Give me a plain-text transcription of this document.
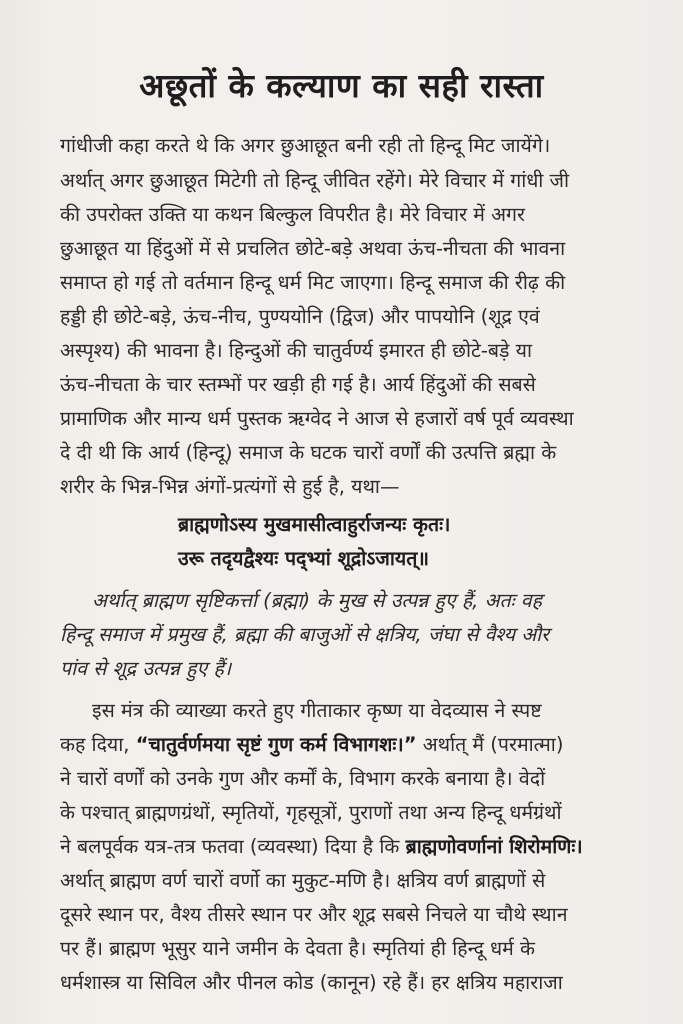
अछूतों के कल्याण का सही रास्ता
गांधीजी कहा करते थे कि अगर छुआछूत बनी रही तो हिन्दू मिट जायेंगे।
अर्थात् अगर छुआछूत मिटेगी तो हिन्दू जीवित रहेंगे। मेरे विचार में गांधी जी
की उपरोक्त उक्ति या कथन बिल्कुल विपरीत है। मेरे विचार में अगर
छुआछूत या हिंदुओं में से प्रचलित छोटे-बड़े अथवा ऊंच-नीचता की भावना
समाप्त हो गई तो वर्तमान हिन्दू धर्म मिट जाएगा। हिन्दू समाज की रीढ़ की
हड्डी ही छोटे-बड़े, ऊंच-नीच, पुण्ययोनि (द्विज) और पापयोनि (शूद्र एवं
अस्पृश्य) की भावना है। हिन्दुओं की चातुर्वर्ण्य इमारत ही छोटे-बड़े या
ऊंच-नीचता के चार स्तम्भों पर खड़ी ही गई है। आर्य हिंदुओं की सबसे
प्रामाणिक और मान्य धर्म पुस्तक ऋग्वेद ने आज से हजारों वर्ष पूर्व व्यवस्था
दे दी थी कि आर्य (हिन्दू) समाज के घटक चारों वर्णों की उत्पत्ति ब्रह्मा के
शरीर के भिन्न-भिन्न अंगों-प्रत्यंगों से हुई है, यथा—
ब्राह्मणोऽस्य मुखमासीत्वाहुर्राजन्यः कृतः।
उरू तदृयद्वैश्यः पद्भ्यां शूद्रोऽजायत्॥
अर्थात् ब्राह्मण सृष्टिकर्त्ता (ब्रह्मा) के मुख से उत्पन्न हुए हैं, अतः वह
हिन्दू समाज में प्रमुख हैं, ब्रह्मा की बाजुओं से क्षत्रिय, जंघा से वैश्य और
पांव से शूद्र उत्पन्न हुए हैं।
इस मंत्र की व्याख्या करते हुए गीताकार कृष्ण या वेदव्यास ने स्पष्ट
कह दिया, “चातुर्वर्णमया सृष्टं गुण कर्म विभागशः।” अर्थात् मैं (परमात्मा)
ने चारों वर्णों को उनके गुण और कर्मों के, विभाग करके बनाया है। वेदों
के पश्चात् ब्राह्मणग्रंथों, स्मृतियों, गृहसूत्रों, पुराणों तथा अन्य हिन्दू धर्मग्रंथों
ने बलपूर्वक यत्र-तत्र फतवा (व्यवस्था) दिया है कि ब्राह्मणोवर्णानां शिरोमणिः।
अर्थात् ब्राह्मण वर्ण चारों वर्णो का मुकुट-मणि है। क्षत्रिय वर्ण ब्राह्मणों से
दूसरे स्थान पर, वैश्य तीसरे स्थान पर और शूद्र सबसे निचले या चौथे स्थान
पर हैं। ब्राह्मण भूसुर याने जमीन के देवता है। स्मृतियां ही हिन्दू धर्म के
धर्मशास्त्र या सिविल और पीनल कोड (कानून) रहे हैं। हर क्षत्रिय महाराजा
